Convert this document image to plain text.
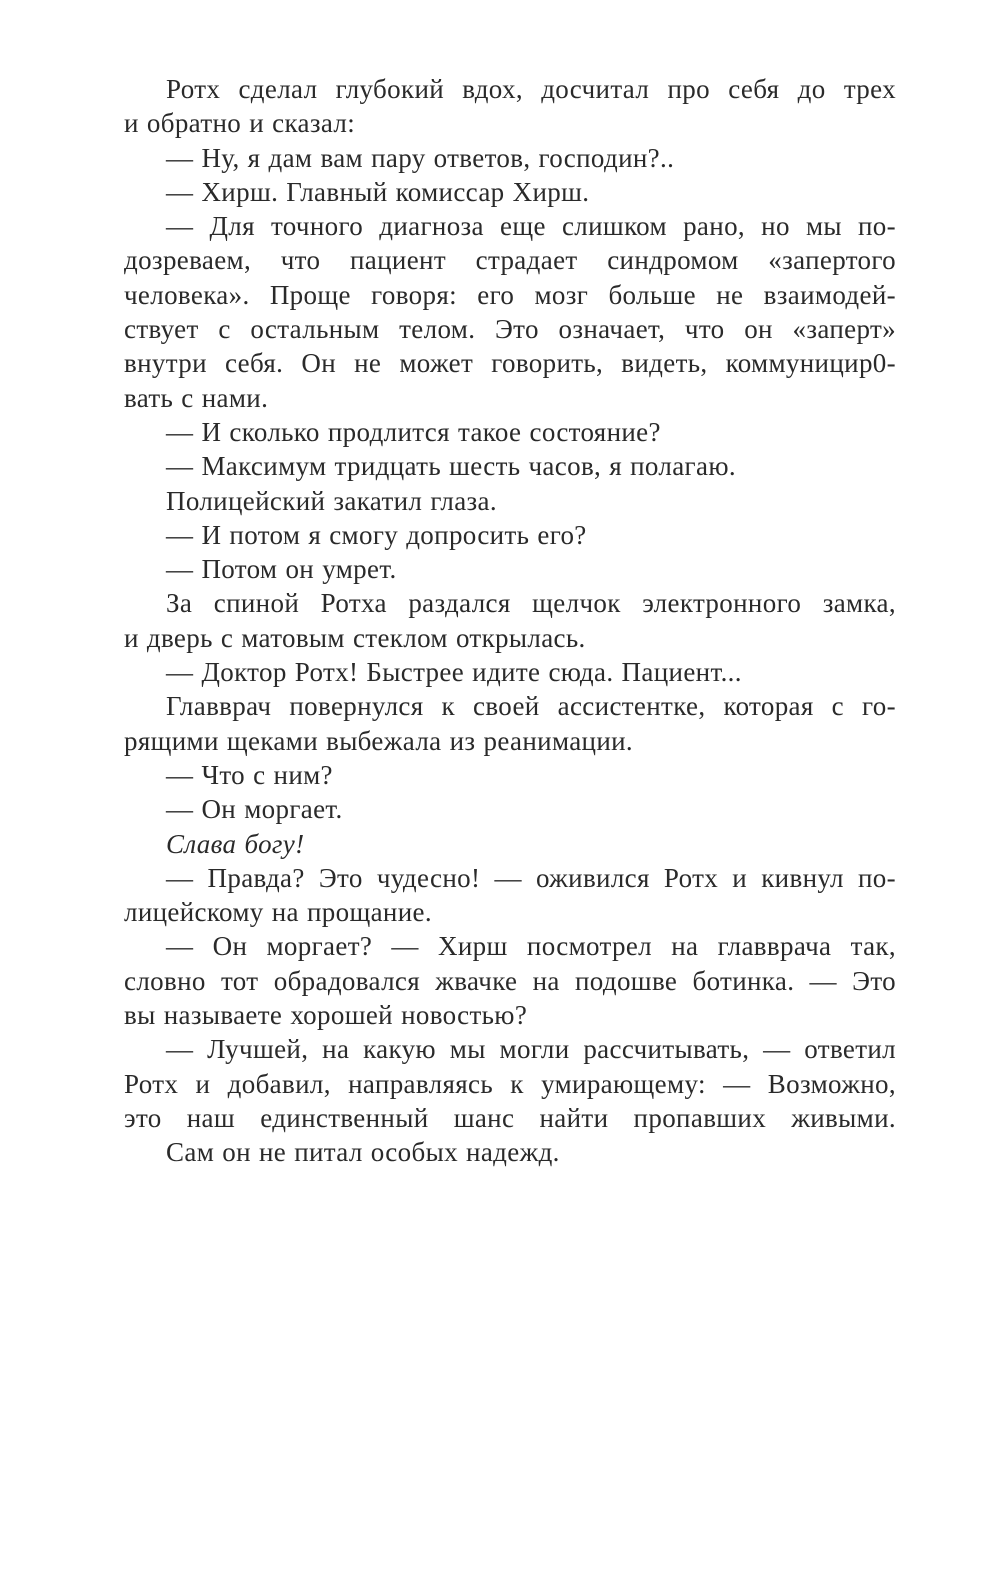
Ротх сделал глубокий вдох, досчитал про себя до трех
и обратно и сказал:
— Ну, я дам вам пару ответов, господин?..
— Хирш. Главный комиссар Хирш.
— Для точного диагноза еще слишком рано, но мы по-
дозреваем, что пациент страдает синдромом «запертого
человека». Проще говоря: его мозг больше не взаимодей-
ствует с остальным телом. Это означает, что он «заперт»
внутри себя. Он не может говорить, видеть, коммуницир0-
вать с нами.
— И сколько продлится такое состояние?
— Максимум тридцать шесть часов, я полагаю.
Полицейский закатил глаза.
— И потом я смогу допросить его?
— Потом он умрет.
За спиной Ротха раздался щелчок электронного замка,
и дверь с матовым стеклом открылась.
— Доктор Ротх! Быстрее идите сюда. Пациент...
Главврач повернулся к своей ассистентке, которая с го-
рящими щеками выбежала из реанимации.
— Что с ним?
— Он моргает.
Слава богу!
— Правда? Это чудесно! — оживился Ротх и кивнул по-
лицейскому на прощание.
— Он моргает? — Хирш посмотрел на главврача так,
словно тот обрадовался жвачке на подошве ботинка. — Это
вы называете хорошей новостью?
— Лучшей, на какую мы могли рассчитывать, — ответил
Ротх и добавил, направляясь к умирающему: — Возможно,
это наш единственный шанс найти пропавших живыми.
Сам он не питал особых надежд.
